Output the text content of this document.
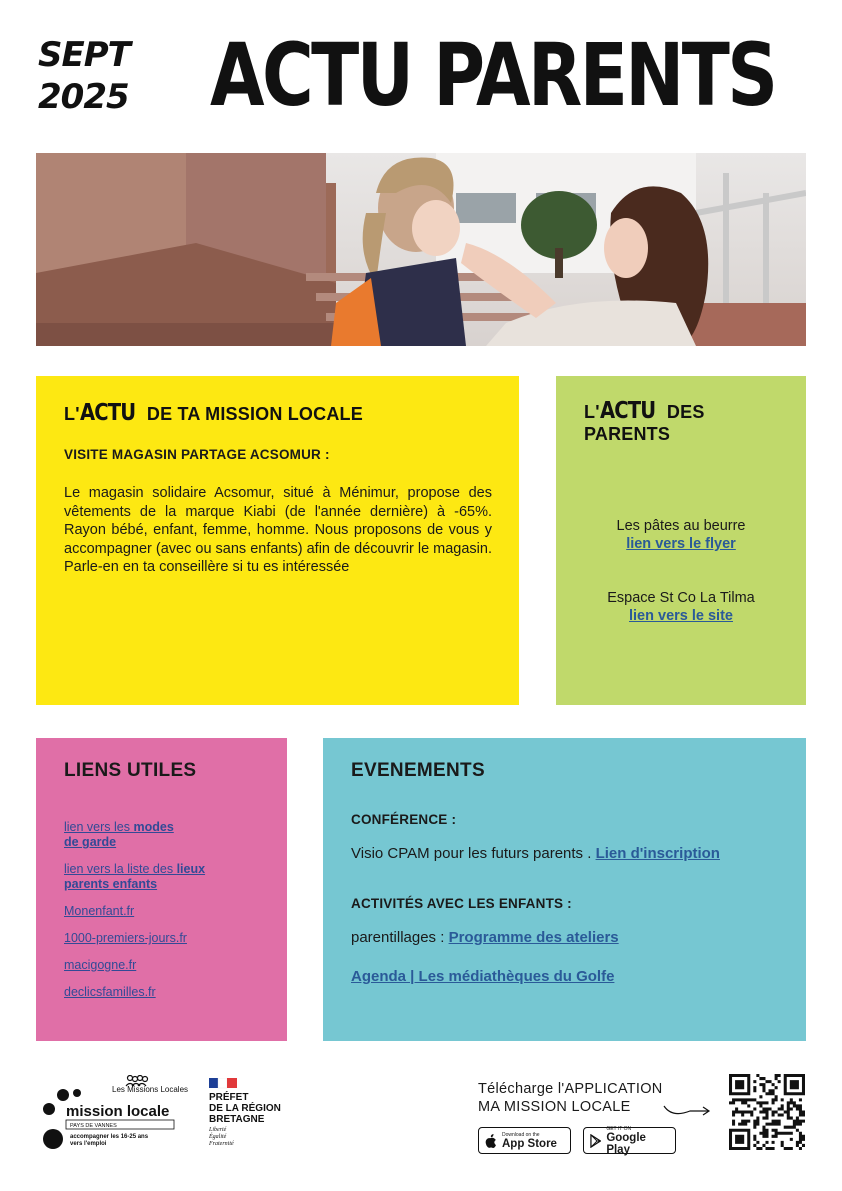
SEPT
2025 ACTU PARENTS
L'ACTU DE TA MISSION LOCALE
VISITE MAGASIN PARTAGE ACSOMUR :
Le magasin solidaire Acsomur, situé à Ménimur, propose des vêtements de la marque Kiabi (de l'année dernière) à -65%. Rayon bébé, enfant, femme, homme. Nous proposons de vous y accompagner (avec ou sans enfants) afin de découvrir le magasin. Parle-en en ta conseillère si tu es intéressée
L'ACTU DES
PARENTS
Les pâtes au beurre
lien vers le flyer
Espace St Co La Tilma
lien vers le site
LIENS UTILES
lien vers les modes
de garde
lien vers la liste des lieux
parents enfants
Monenfant.fr
1000-premiers-jours.fr
macigogne.fr
declicsfamilles.fr
EVENEMENTS
CONFÉRENCE :
Visio CPAM pour les futurs parents . Lien d'inscription
ACTIVITÉS AVEC LES ENFANTS :
parentillages : Programme des ateliers
Agenda | Les médiathèques du Golfe
Les Missions Locales
mission locale
PAYS DE VANNES
accompagner les 16-25 ans
vers l'emploi
PRÉFET
DE LA RÉGION
BRETAGNE
Liberté
Égalité
Fraternité
Télécharge l'APPLICATION
MA MISSION LOCALE
Download on the
App Store
GET IT ON
Google Play
